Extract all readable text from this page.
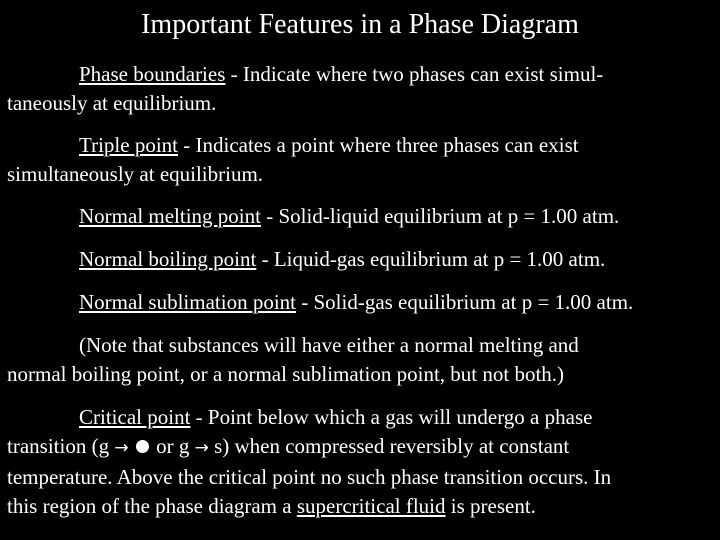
Important Features in a Phase Diagram

Phase boundaries - Indicate where two phases can exist simul-

taneously at equilibrium.

Triple point - Indicates a point where three phases can exist

simultaneously at equilibrium.

Normal melting point - Solid-liquid equilibrium at p = 1.00 atm.

Normal boiling point - Liquid-gas equilibrium at p = 1.00 atm.

Normal sublimation point - Solid-gas equilibrium at p = 1.00 atm.

(Note that substances will have either a normal melting and

normal boiling point, or a normal sublimation point, but not both.)

Critical point - Point below which a gas will undergo a phase

transition (g →  or g → s) when compressed reversibly at constant
temperature. Above the critical point no such phase transition occurs. In
this region of the phase diagram a supercritical fluid is present.
